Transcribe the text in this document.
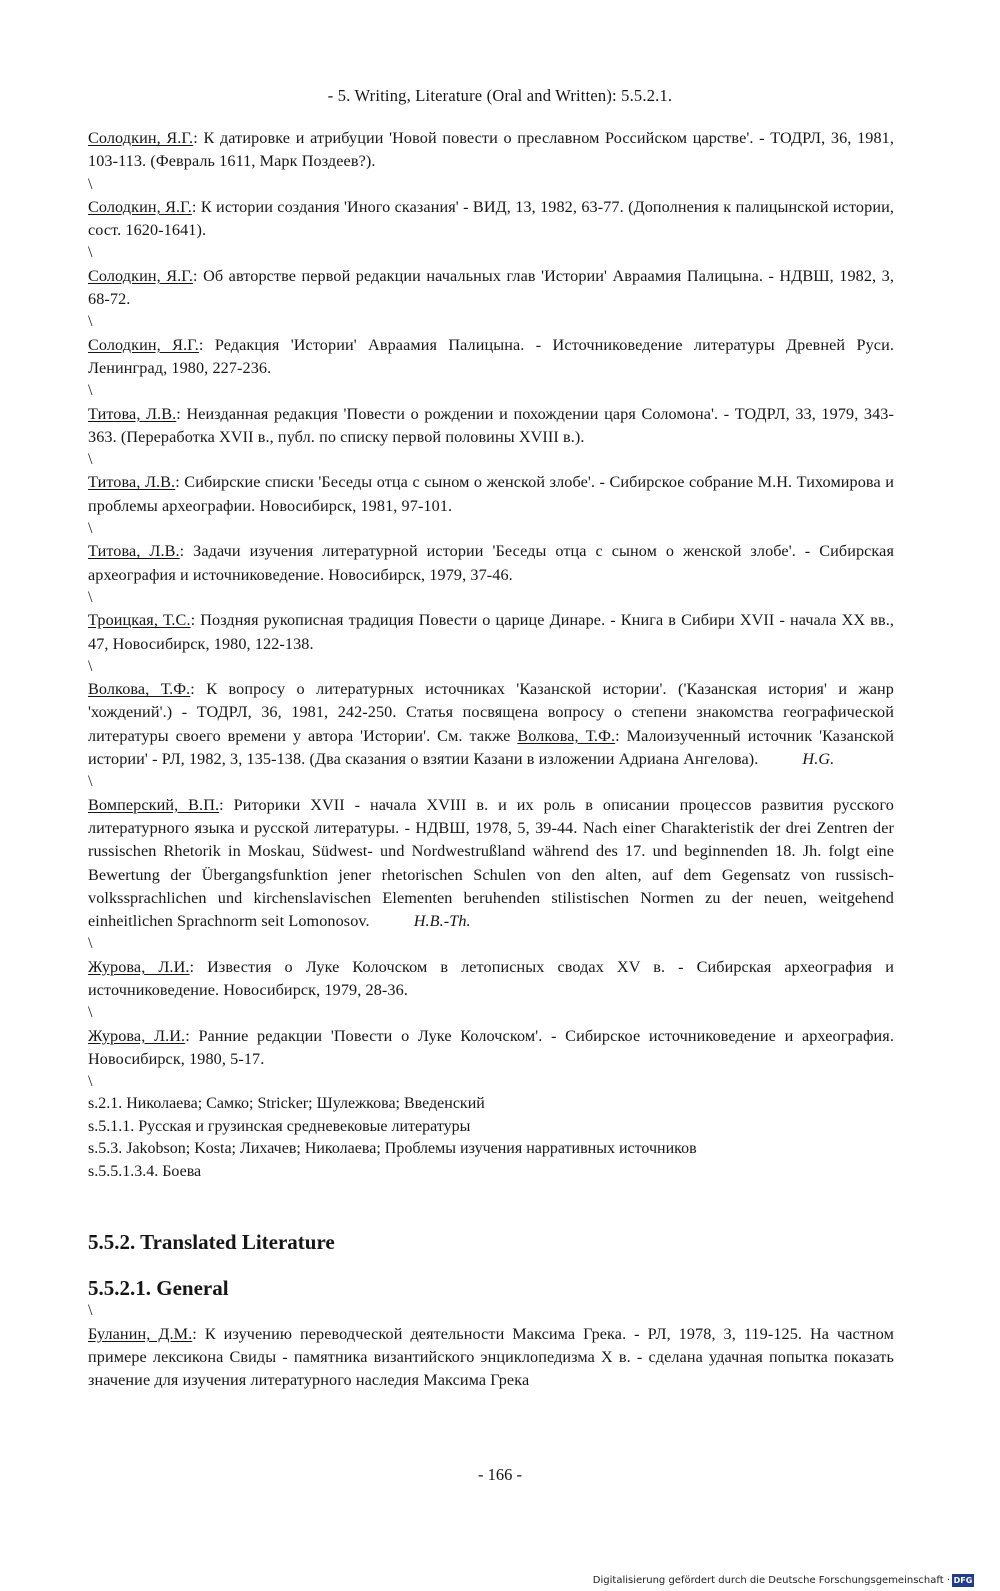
- 5. Writing, Literature (Oral and Written): 5.5.2.1.
Солодкин, Я.Г.: К датировке и атрибуции 'Новой повести о преславном Российском царстве'. - ТОДРЛ, 36, 1981, 103-113. (Февраль 1611, Марк Поздеев?).
\
Солодкин, Я.Г.: К истории создания 'Иного сказания' - ВИД, 13, 1982, 63-77. (Дополнения к палицынской истории, сост. 1620-1641).
\
Солодкин, Я.Г.: Об авторстве первой редакции начальных глав 'Истории' Авраамия Палицына. - НДВШ, 1982, 3, 68-72.
\
Солодкин, Я.Г.: Редакция 'Истории' Авраамия Палицына. - Источниковедение литературы Древней Руси. Ленинград, 1980, 227-236.
\
Титова, Л.В.: Неизданная редакция 'Повести о рождении и похождении царя Соломона'. - ТОДРЛ, 33, 1979, 343-363. (Переработка XVII в., публ. по списку первой половины XVIII в.).
\
Титова, Л.В.: Сибирские списки 'Беседы отца с сыном о женской злобе'. - Сибирское собрание М.Н. Тихомирова и проблемы археографии. Новосибирск, 1981, 97-101.
\
Титова, Л.В.: Задачи изучения литературной истории 'Беседы отца с сыном о женской злобе'. - Сибирская археография и источниковедение. Новосибирск, 1979, 37-46.
\
Троицкая, Т.С.: Поздняя рукописная традиция Повести о царице Динаре. - Книга в Сибири XVII - начала XX вв., 47, Новосибирск, 1980, 122-138.
\
Волкова, Т.Ф.: К вопросу о литературных источниках 'Казанской истории'. ('Казанская история' и жанр 'хождений'.) - ТОДРЛ, 36, 1981, 242-250. Статья посвящена вопросу о степени знакомства географической литературы своего времени у автора 'Истории'. См. также Волкова, Т.Ф.: Малоизученный источник 'Казанской истории' - РЛ, 1982, 3, 135-138. (Два сказания о взятии Казани в изложении Адриана Ангелова).	H.G.
\
Вомперский, В.П.: Риторики XVII - начала XVIII в. и их роль в описании процессов развития русского литературного языка и русской литературы. - НДВШ, 1978, 5, 39-44. Nach einer Charakteristik der drei Zentren der russischen Rhetorik in Moskau, Südwest- und Nordwestrußland während des 17. und beginnenden 18. Jh. folgt eine Bewertung der Übergangsfunktion jener rhetorischen Schulen von den alten, auf dem Gegensatz von russisch-volkssprachlichen und kirchenslavischen Elementen beruhenden stilistischen Normen zu der neuen, weitgehend einheitlichen Sprachnorm seit Lomonosov.	H.B.-Th.
\
Журова, Л.И.: Известия о Луке Колочском в летописных сводах XV в. - Сибирская археография и источниковедение. Новосибирск, 1979, 28-36.
\
Журова, Л.И.: Ранние редакции 'Повести о Луке Колочском'. - Сибирское источниковедение и археография. Новосибирск, 1980, 5-17.
\
s.2.1. Николаева; Самко; Stricker; Шулежкова; Введенский
s.5.1.1. Русская и грузинская средневековые литературы
s.5.3. Jakobson; Kosta; Лихачев; Николаева; Проблемы изучения нарративных источников
s.5.5.1.3.4. Боева
5.5.2. Translated Literature
5.5.2.1. General
\
Буланин, Д.М.: К изучению переводческой деятельности Максима Грека. - РЛ, 1978, 3, 119-125. На частном примере лексикона Свиды - памятника византийского энциклопедизма X в. - сделана удачная попытка показать значение для изучения литературного наследия Максима Грека
- 166 -
Digitalisierung gefördert durch die Deutsche Forschungsgemeinschaft · DFG
